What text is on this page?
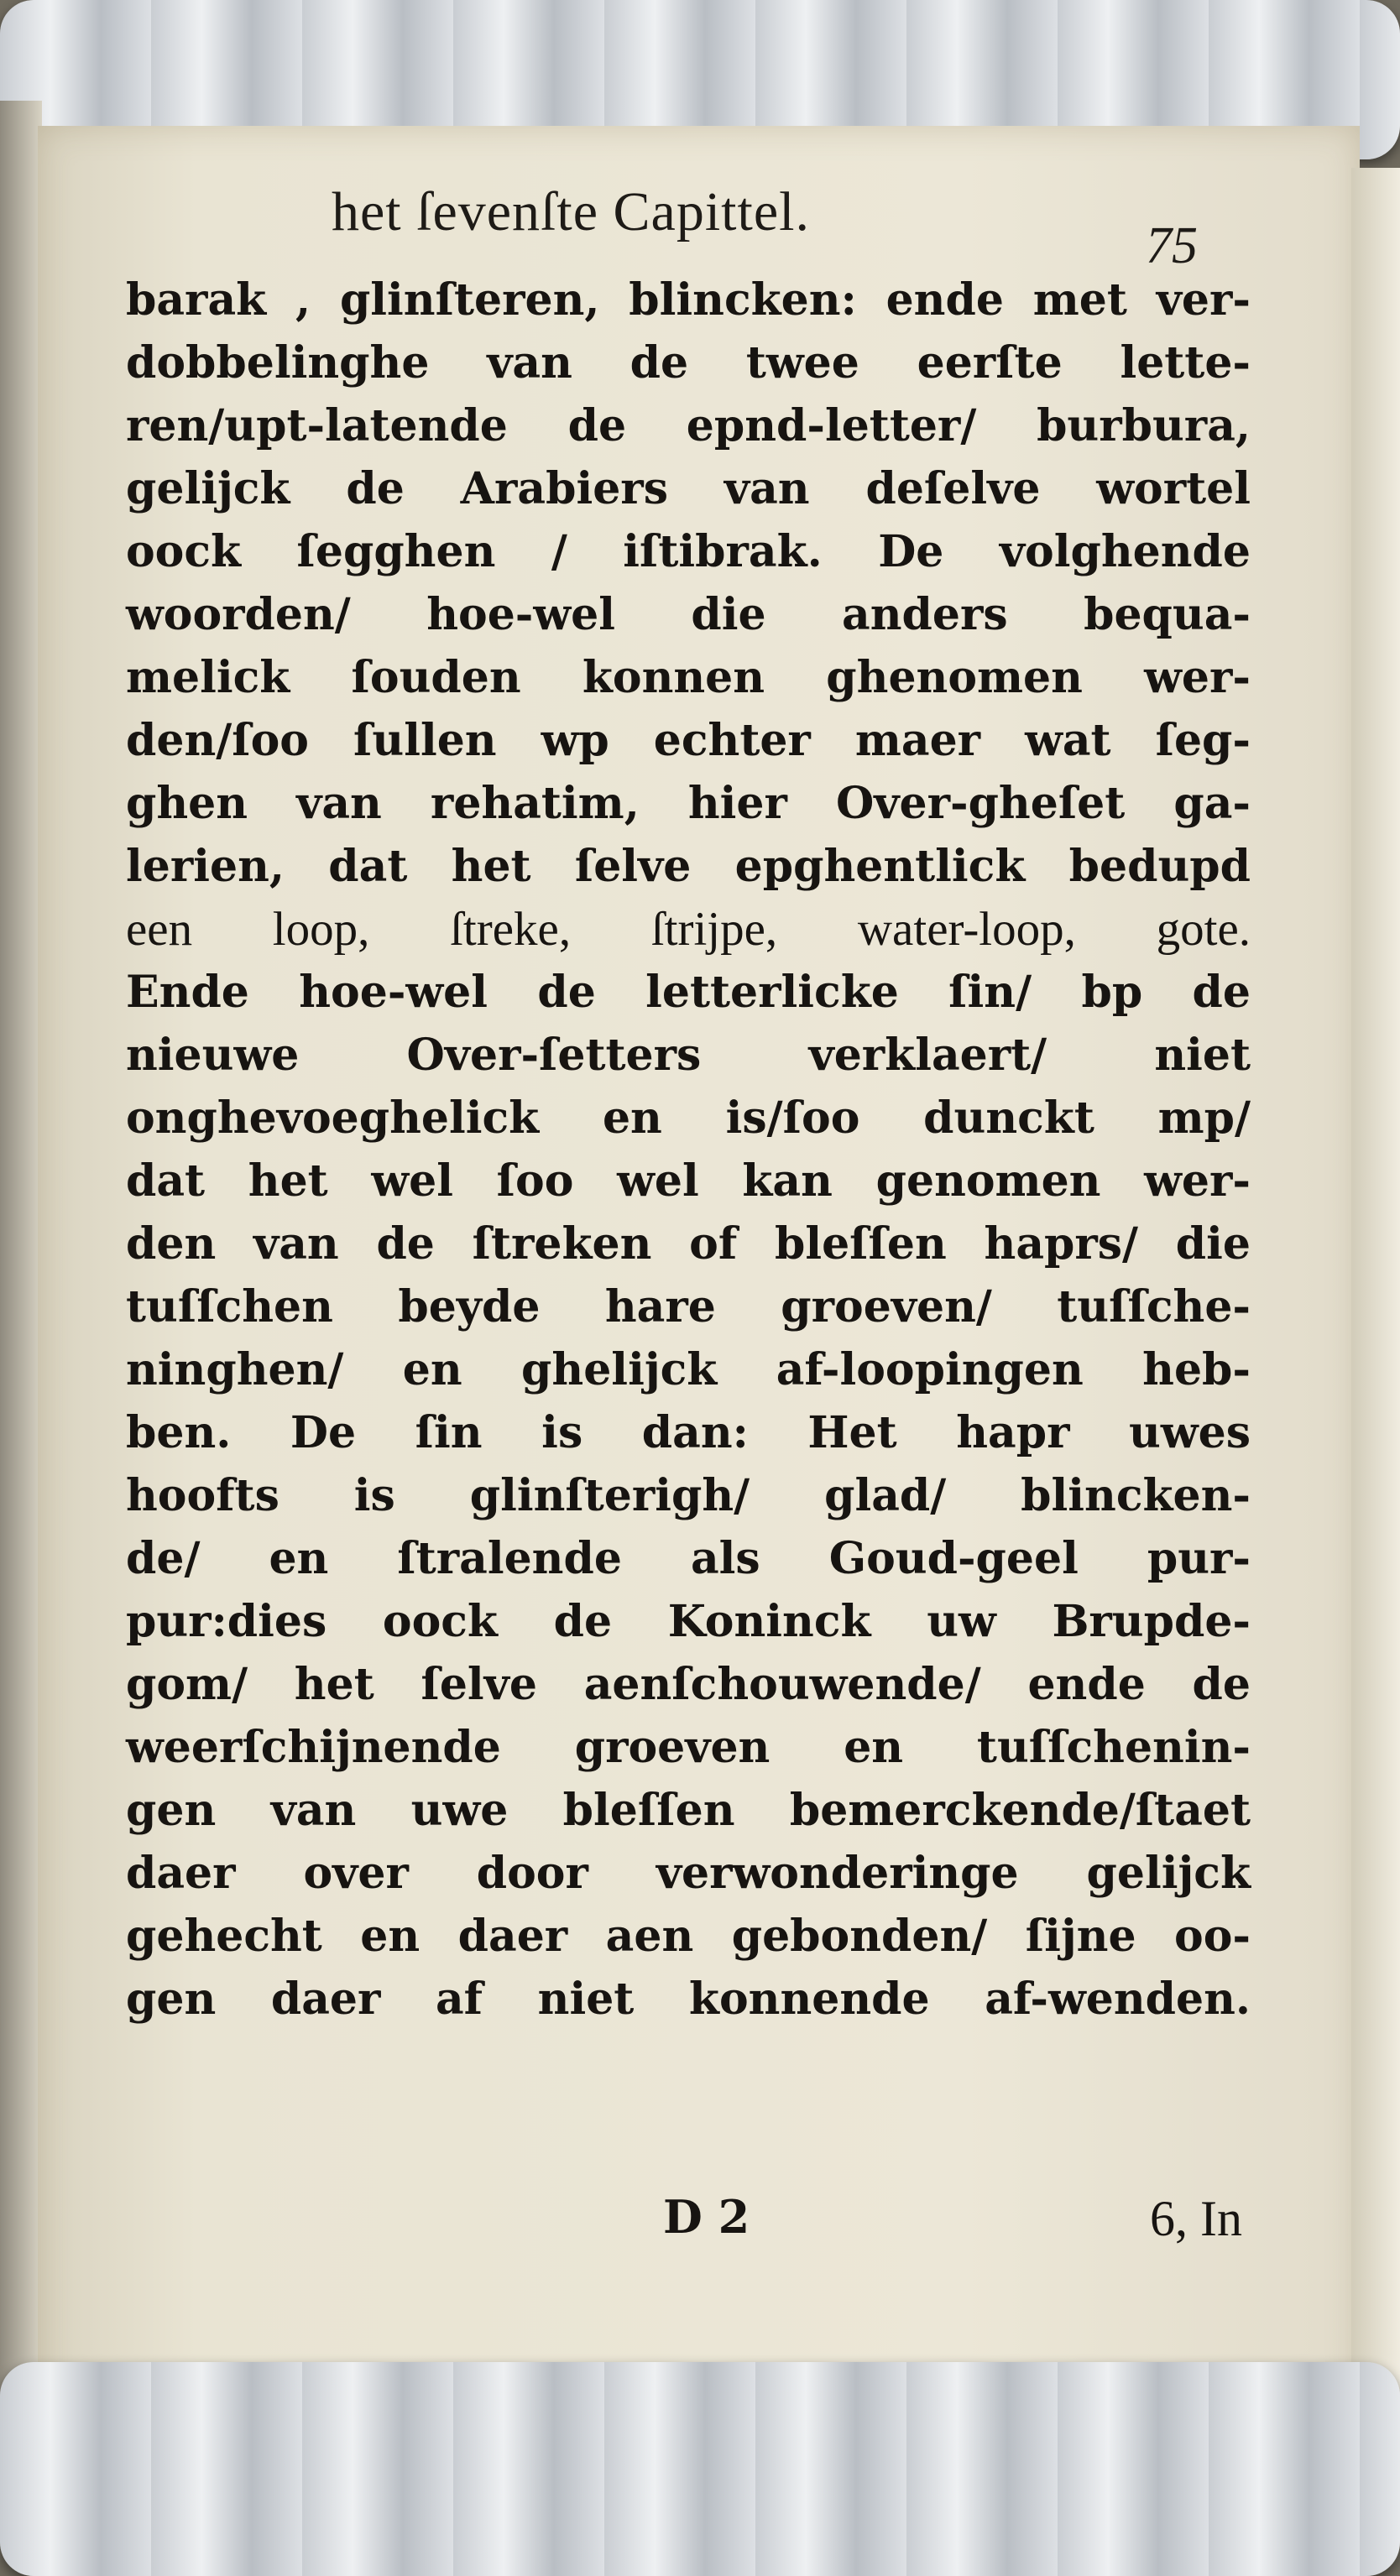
het ſevenſte Capittel.
75
barak , glinſteren, blincken: ende met ver-
dobbelinghe van de twee eerſte lette-
ren/upt-latende de epnd-letter/ burbura,
gelijck de Arabiers van deſelve wortel
oock ſegghen / iſtibrak. De volghende
woorden/ hoe-wel die anders bequa-
melick ſouden konnen ghenomen wer-
den/ſoo ſullen wp echter maer wat ſeg-
ghen van rehatim, hier Over-gheſet ga-
lerien, dat het ſelve epghentlick bedupd
een loop, ſtreke, ſtrijpe, water-loop, gote.
Ende hoe-wel de letterlicke ſin/ bp de
nieuwe Over-ſetters verklaert/ niet
onghevoeghelick en is/ſoo dunckt mp/
dat het wel ſoo wel kan genomen wer-
den van de ſtreken of bleſſen haprs/ die
tuſſchen beyde hare groeven/ tuſſche-
ninghen/ en ghelijck af-loopingen heb-
ben. De ſin is dan: Het hapr uwes
hoofts is glinſterigh/ glad/ blincken-
de/ en ſtralende als Goud-geel pur-
pur:dies oock de Koninck uw Brupde-
gom/ het ſelve aenſchouwende/ ende de
weerſchijnende groeven en tuſſchenin-
gen van uwe bleſſen bemerckende/ſtaet
daer over door verwonderinge gelijck
gehecht en daer aen gebonden/ ſijne oo-
gen daer af niet konnende af-wenden.
D 2	6, In
